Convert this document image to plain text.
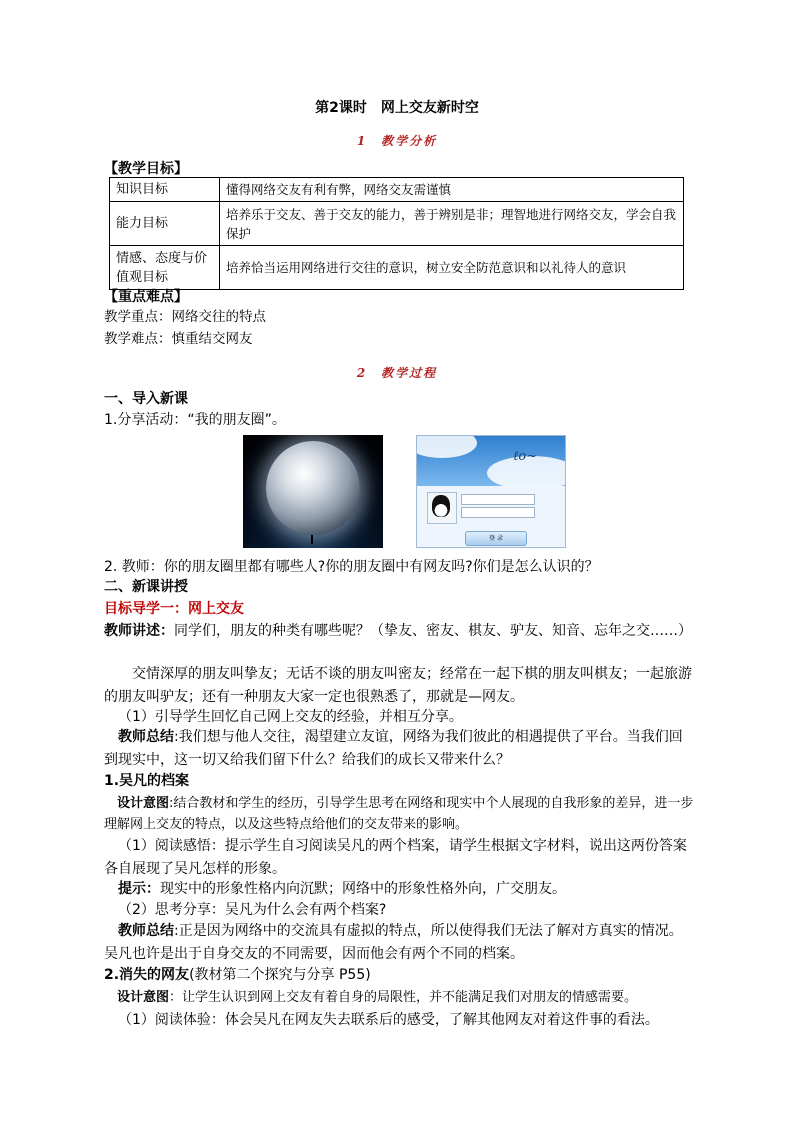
第2课时　网上交友新时空
1　教学分析
【教学目标】
知识目标	懂得网络交友有利有弊，网络交友需谨慎
能力目标	培养乐于交友、善于交友的能力，善于辨别是非；理智地进行网络交友，学会自我保护
情感、态度与价值观目标	培养恰当运用网络进行交往的意识，树立安全防范意识和以礼待人的意识
【重点难点】
教学重点：网络交往的特点
教学难点：慎重结交网友
2　教学过程
一、导入新课
1.分享活动：“我的朋友圈”。
ℓo~
登 录
2. 教师：你的朋友圈里都有哪些人?你的朋友圈中有网友吗?你们是怎么认识的？
二、新课讲授
目标导学一：网上交友
教师讲述：同学们，朋友的种类有哪些呢？（挚友、密友、棋友、驴友、知音、忘年之交……）
交情深厚的朋友叫挚友；无话不谈的朋友叫密友；经常在一起下棋的朋友叫棋友；一起旅游的朋友叫驴友；还有一种朋友大家一定也很熟悉了，那就是—网友。
（1）引导学生回忆自己网上交友的经验，并相互分享。
教师总结:我们想与他人交往，渴望建立友谊，网络为我们彼此的相遇提供了平台。当我们回到现实中，这一切又给我们留下什么？给我们的成长又带来什么？
1.吴凡的档案
设计意图:结合教材和学生的经历，引导学生思考在网络和现实中个人展现的自我形象的差异，进一步理解网上交友的特点，以及这些特点给他们的交友带来的影响。
（1）阅读感悟：提示学生自习阅读吴凡的两个档案，请学生根据文字材料，说出这两份答案各自展现了吴凡怎样的形象。
提示：现实中的形象性格内向沉默；网络中的形象性格外向，广交朋友。
（2）思考分享：吴凡为什么会有两个档案?
教师总结:正是因为网络中的交流具有虚拟的特点，所以使得我们无法了解对方真实的情况。吴凡也许是出于自身交友的不同需要，因而他会有两个不同的档案。
2.消失的网友(教材第二个探究与分享 P55)
设计意图：让学生认识到网上交友有着自身的局限性，并不能满足我们对朋友的情感需要。
（1）阅读体验：体会吴凡在网友失去联系后的感受，了解其他网友对着这件事的看法。
